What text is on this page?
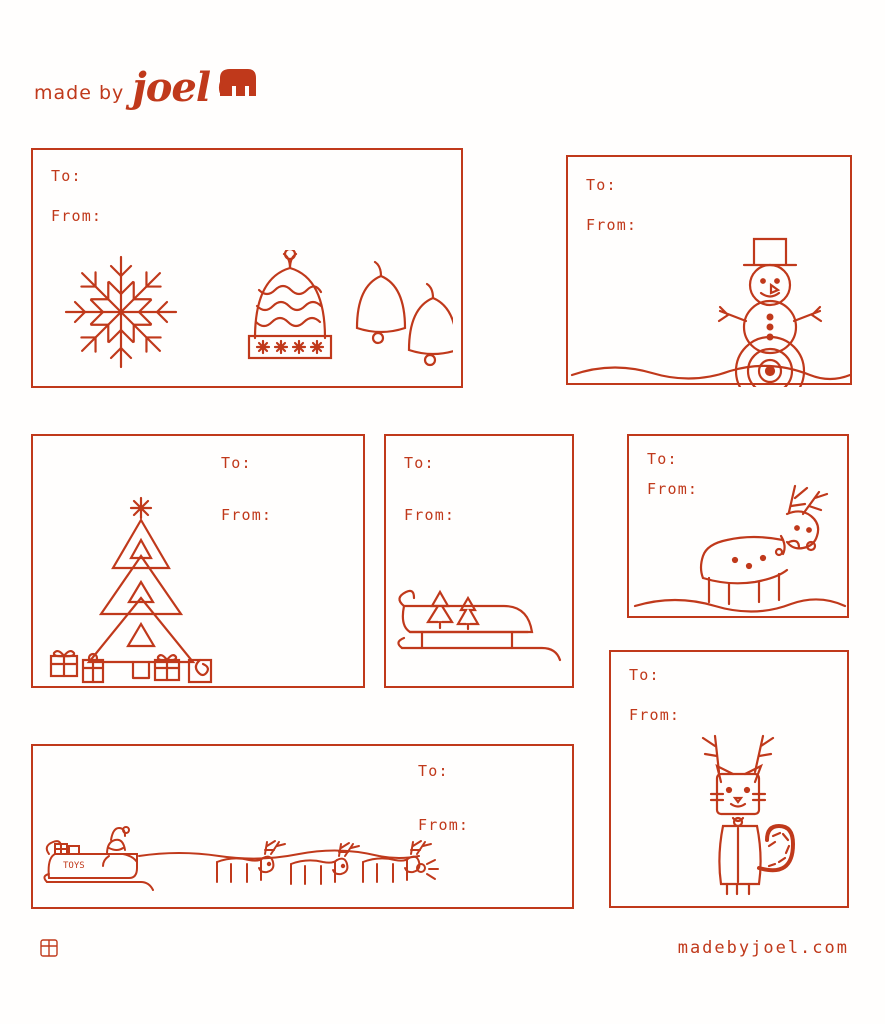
made by joel
To:
From:
To:
From:
To:
From:
To:
From:
To:
From:
To:
From:
To:
From:
TOYS
madebyjoel.com
